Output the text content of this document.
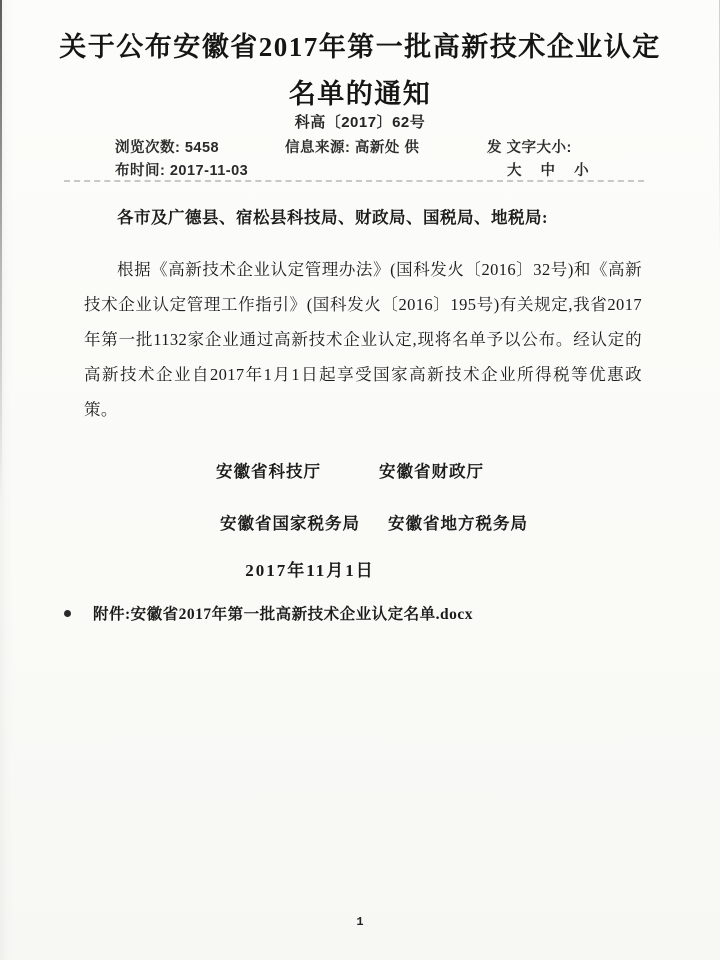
关于公布安徽省2017年第一批高新技术企业认定
名单的通知
科高〔2017〕62号
浏览次数: 5458
布时间: 2017-11-03
信息来源: 高新处 供	发 文字大小:
大 中 小
各市及广德县、宿松县科技局、财政局、国税局、地税局:
根据《高新技术企业认定管理办法》(国科发火〔2016〕32号)和《高新技术企业认定管理工作指引》(国科发火〔2016〕195号)有关规定,我省2017年第一批1132家企业通过高新技术企业认定,现将名单予以公布。经认定的高新技术企业自2017年1月1日起享受国家高新技术企业所得税等优惠政策。
安徽省科技厅	安徽省财政厅
安徽省国家税务局 安徽省地方税务局
2017年11月1日
附件: 安徽省2017年第一批高新技术企业认定名单.docx
1
